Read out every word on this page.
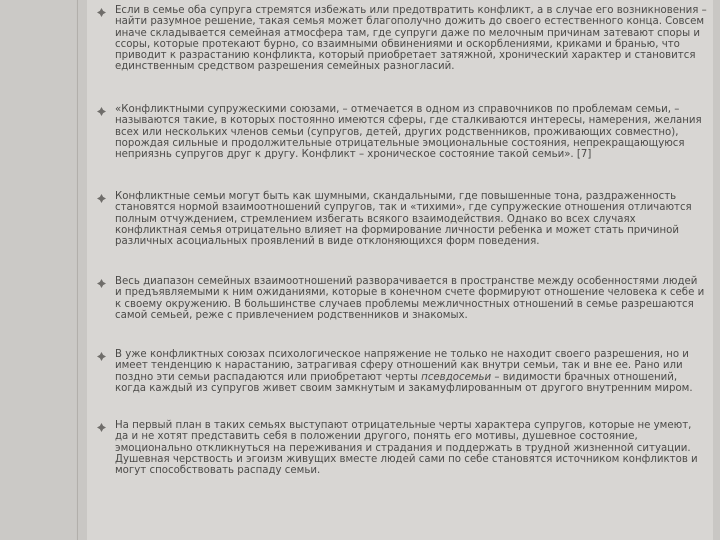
Если в семье оба супруга стремятся избежать или предотвратить конфликт, а в случае его возникновения – найти разумное решение, такая семья может благополучно дожить до своего естественного конца. Совсем иначе складывается семейная атмосфера там, где супруги даже по мелочным причинам затевают споры и ссоры, которые протекают бурно, со взаимными обвинениями и оскорблениями, криками и бранью, что приводит к разрастанию конфликта, который приобретает затяжной, хронический характер и становится единственным средством разрешения семейных разногласий.
«Конфликтными супружескими союзами, – отмечается в одном из справочников по проблемам семьи, – называются такие, в которых постоянно имеются сферы, где сталкиваются интересы, намерения, желания всех или нескольких членов семьи (супругов, детей, других родственников, проживающих совместно), порождая сильные и продолжительные отрицательные эмоциональные состояния, непрекращающуюся неприязнь супругов друг к другу. Конфликт – хроническое состояние такой семьи». [7]
Конфликтные семьи могут быть как шумными, скандальными, где повышенные тона, раздраженность становятся нормой взаимоотношений супругов, так и «тихими», где супружеские отношения отличаются полным отчуждением, стремлением избегать всякого взаимодействия. Однако во всех случаях конфликтная семья отрицательно влияет на формирование личности ребенка и может стать причиной различных асоциальных проявлений в виде отклоняющихся форм поведения.
Весь диапазон семейных взаимоотношений разворачивается в пространстве между особенностями людей и предъявляемыми к ним ожиданиями, которые в конечном счете формируют отношение человека к себе и к своему окружению. В большинстве случаев проблемы межличностных отношений в семье разрешаются самой семьей, реже с привлечением родственников и знакомых.
В уже конфликтных союзах психологическое напряжение не только не находит своего разрешения, но и имеет тенденцию к нарастанию, затрагивая сферу отношений как внутри семьи, так и вне ее. Рано или поздно эти семьи распадаются или приобретают черты псевдосемьи – видимости брачных отношений, когда каждый из супругов живет своим замкнутым и закамуфлированным от другого внутренним миром.
На первый план в таких семьях выступают отрицательные черты характера супругов, которые не умеют, да и не хотят представить себя в положении другого, понять его мотивы, душевное состояние, эмоционально откликнуться на переживания и страдания и поддержать в трудной жизненной ситуации. Душевная черствость и эгоизм живущих вместе людей сами по себе становятся источником конфликтов и могут способствовать распаду семьи.
